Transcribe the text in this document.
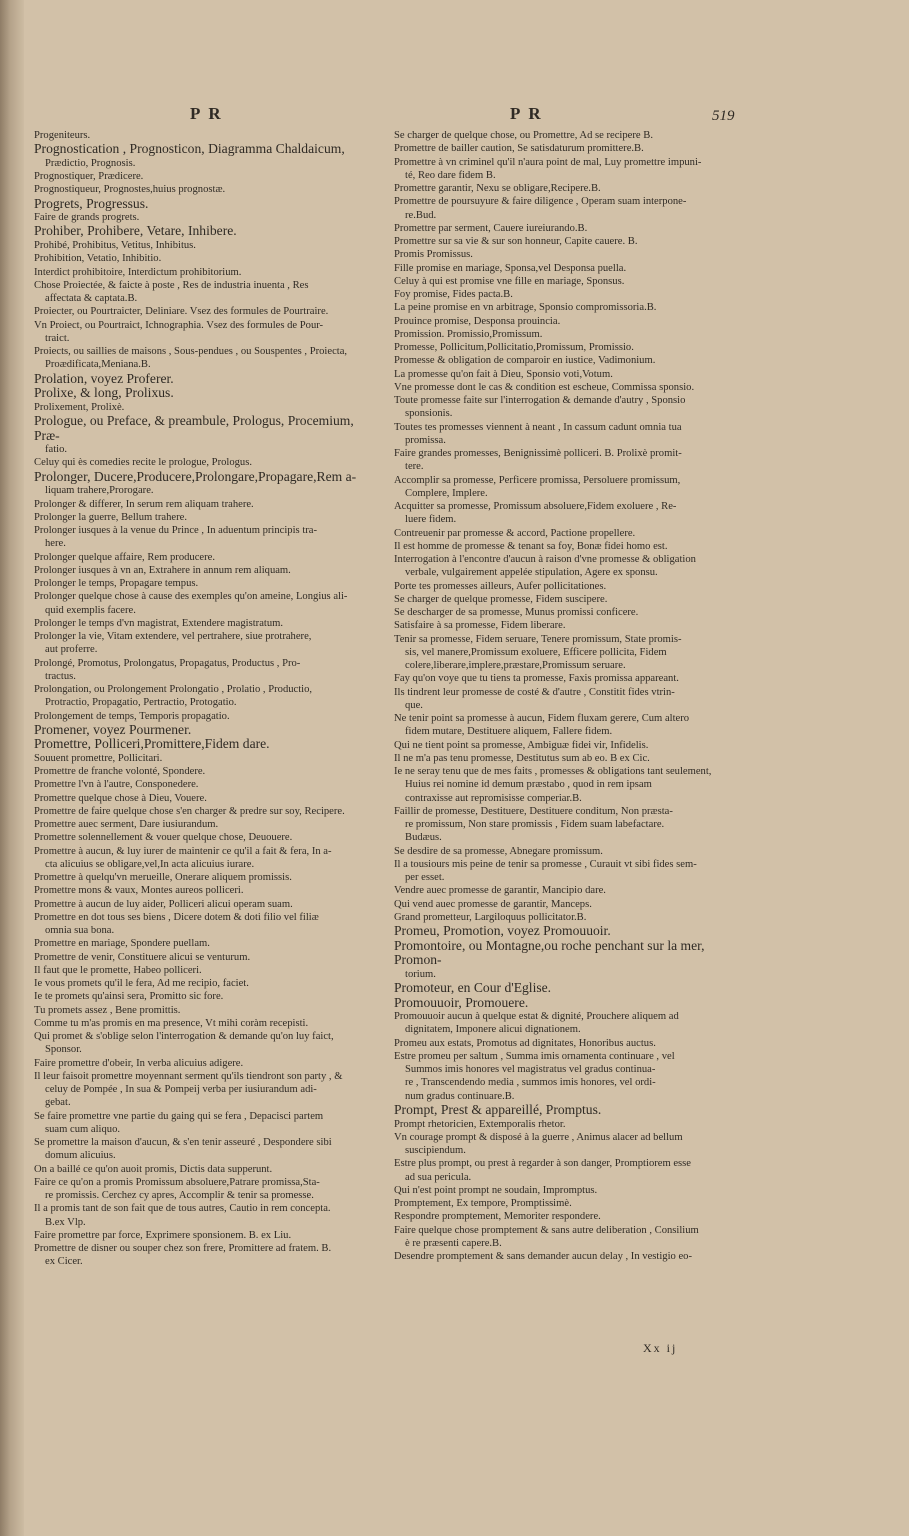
PR	PR	519

Progeniteurs.

Prognostication , Prognosticon, Diagramma Chaldaicum,

Prædictio, Prognosis.

Prognostiquer, Prædicere.

Prognostiqueur, Prognostes,huius prognostæ.

Progrets, Progressus.

Faire de grands progrets.

Prohiber, Prohibere, Vetare, Inhibere.

Prohibé, Prohibitus, Vetitus, Inhibitus.

Prohibition, Vetatio, Inhibitio.

Interdict prohibitoire, Interdictum prohibitorium.

Chose Proiectée, & faicte à poste , Res de industria inuenta , Res

affectata & captata.B.

Proiecter, ou Pourtraicter, Deliniare. Vsez des formules de Pourtraire.

Vn Proiect, ou Pourtraict, Ichnographia. Vsez des formules de Pour-

traict.

Proiects, ou saillies de maisons , Sous-pendues , ou Souspentes , Proiecta,

Proædificata,Meniana.B.

Prolation, voyez Proferer.

Prolixe, & long, Prolixus.

Prolixement, Prolixè.

Prologue, ou Preface, & preambule, Prologus, Procemium, Præ-

fatio.

Celuy qui ès comedies recite le prologue, Prologus.

Prolonger, Ducere,Producere,Prolongare,Propagare,Rem a-

liquam trahere,Prorogare.

Prolonger & differer, In serum rem aliquam trahere.

Prolonger la guerre, Bellum trahere.

Prolonger iusques à la venue du Prince , In aduentum principis tra-

here.

Prolonger quelque affaire, Rem producere.

Prolonger iusques à vn an, Extrahere in annum rem aliquam.

Prolonger le temps, Propagare tempus.

Prolonger quelque chose à cause des exemples qu'on ameine, Longius ali-

quid exemplis facere.

Prolonger le temps d'vn magistrat, Extendere magistratum.

Prolonger la vie, Vitam extendere, vel pertrahere, siue protrahere,

aut proferre.

Prolongé, Promotus, Prolongatus, Propagatus, Productus , Pro-

tractus.

Prolongation, ou Prolongement Prolongatio , Prolatio , Productio,

Protractio, Propagatio, Pertractio, Protogatio.

Prolongement de temps, Temporis propagatio.

Promener, voyez Pourmener.

Promettre, Polliceri,Promittere,Fidem dare.

Souuent promettre, Pollicitari.

Promettre de franche volonté, Spondere.

Promettre l'vn à l'autre, Consponedere.

Promettre quelque chose à Dieu, Vouere.

Promettre de faire quelque chose s'en charger & predre sur soy, Recipere.

Promettre auec serment, Dare iusiurandum.

Promettre solennellement & vouer quelque chose, Deuouere.

Promettre à aucun, & luy iurer de maintenir ce qu'il a fait & fera, In a-

cta alicuius se obligare,vel,In acta alicuius iurare.

Promettre à quelqu'vn merueille, Onerare aliquem promissis.

Promettre mons & vaux, Montes aureos polliceri.

Promettre à aucun de luy aider, Polliceri alicui operam suam.

Promettre en dot tous ses biens , Dicere dotem & doti filio vel filiæ

omnia sua bona.

Promettre en mariage, Spondere puellam.

Promettre de venir, Constituere alicui se venturum.

Il faut que le promette, Habeo polliceri.

Ie vous promets qu'il le fera, Ad me recipio, faciet.

Ie te promets qu'ainsi sera, Promitto sic fore.

Tu promets assez , Bene promittis.

Comme tu m'as promis en ma presence, Vt mihi coràm recepisti.

Qui promet & s'oblige selon l'interrogation & demande qu'on luy faict,

Sponsor.

Faire promettre d'obeir, In verba alicuius adigere.

Il leur faisoit promettre moyennant serment qu'ils tiendront son party , &

celuy de Pompée , In sua & Pompeij verba per iusiurandum adi-

gebat.

Se faire promettre vne partie du gaing qui se fera , Depacisci partem

suam cum aliquo.

Se promettre la maison d'aucun, & s'en tenir asseuré , Despondere sibi

domum alicuius.

On a baillé ce qu'on auoit promis, Dictis data supperunt.

Faire ce qu'on a promis Promissum absoluere,Patrare promissa,Sta-

re promissis. Cerchez cy apres, Accomplir & tenir sa promesse.

Il a promis tant de son fait que de tous autres, Cautio in rem concepta.

B.ex Vlp.

Faire promettre par force, Exprimere sponsionem. B. ex Liu.

Promettre de disner ou souper chez son frere, Promittere ad fratem. B.

ex Cicer.

Se charger de quelque chose, ou Promettre, Ad se recipere B.

Promettre de bailler caution, Se satisdaturum promittere.B.

Promettre à vn criminel qu'il n'aura point de mal, Luy promettre impuni-

té, Reo dare fidem B.

Promettre garantir, Nexu se obligare,Recipere.B.

Promettre de poursuyure & faire diligence , Operam suam interpone-

re.Bud.

Promettre par serment, Cauere iureiurando.B.

Promettre sur sa vie & sur son honneur, Capite cauere. B.

Promis Promissus.

Fille promise en mariage, Sponsa,vel Desponsa puella.

Celuy à qui est promise vne fille en mariage, Sponsus.

Foy promise, Fides pacta.B.

La peine promise en vn arbitrage, Sponsio compromissoria.B.

Prouince promise, Desponsa prouincia.

Promission. Promissio,Promissum.

Promesse, Pollicitum,Pollicitatio,Promissum, Promissio.

Promesse & obligation de comparoir en iustice, Vadimonium.

La promesse qu'on fait à Dieu, Sponsio voti,Votum.

Vne promesse dont le cas & condition est escheue, Commissa sponsio.

Toute promesse faite sur l'interrogation & demande d'autry , Sponsio

sponsionis.

Toutes tes promesses viennent à neant , In cassum cadunt omnia tua

promissa.

Faire grandes promesses, Benignissimè polliceri. B. Prolixè promit-

tere.

Accomplir sa promesse, Perficere promissa, Persoluere promissum,

Complere, Implere.

Acquitter sa promesse, Promissum absoluere,Fidem exoluere , Re-

luere fidem.

Contreuenir par promesse & accord, Pactione propellere.

Il est homme de promesse & tenant sa foy, Bonæ fidei homo est.

Interrogation à l'encontre d'aucun à raison d'vne promesse & obligation

verbale, vulgairement appelée stipulation, Agere ex sponsu.

Porte tes promesses ailleurs, Aufer pollicitationes.

Se charger de quelque promesse, Fidem suscipere.

Se descharger de sa promesse, Munus promissi conficere.

Satisfaire à sa promesse, Fidem liberare.

Tenir sa promesse, Fidem seruare, Tenere promissum, State promis-

sis, vel manere,Promissum exoluere, Efficere pollicita, Fidem

colere,liberare,implere,præstare,Promissum seruare.

Fay qu'on voye que tu tiens ta promesse, Faxis promissa appareant.

Ils tindrent leur promesse de costé & d'autre , Constitit fides vtrin-

que.

Ne tenir point sa promesse à aucun, Fidem fluxam gerere, Cum altero

fidem mutare, Destituere aliquem, Fallere fidem.

Qui ne tient point sa promesse, Ambiguæ fidei vir, Infidelis.

Il ne m'a pas tenu promesse, Destitutus sum ab eo. B ex Cic.

Ie ne seray tenu que de mes faits , promesses & obligations tant seulement,

Huius rei nomine id demum præstabo , quod in rem ipsam

contraxisse aut repromisisse comperiar.B.

Faillir de promesse, Destituere, Destituere conditum, Non præsta-

re promissum, Non stare promissis , Fidem suam labefactare.

Budæus.

Se desdire de sa promesse, Abnegare promissum.

Il a tousiours mis peine de tenir sa promesse , Curauit vt sibi fides sem-

per esset.

Vendre auec promesse de garantir, Mancipio dare.

Qui vend auec promesse de garantir, Manceps.

Grand prometteur, Largiloquus pollicitator.B.

Promeu, Promotion, voyez Promouuoir.

Promontoire, ou Montagne,ou roche penchant sur la mer, Promon-

torium.

Promoteur, en Cour d'Eglise.

Promouuoir, Promouere.

Promouuoir aucun à quelque estat & dignité, Prouchere aliquem ad

dignitatem, Imponere alicui dignationem.

Promeu aux estats, Promotus ad dignitates, Honoribus auctus.

Estre promeu per saltum , Summa imis ornamenta continuare , vel

Summos imis honores vel magistratus vel gradus continua-

re , Transcendendo media , summos imis honores, vel ordi-

num gradus continuare.B.

Prompt, Prest & appareillé, Promptus.

Prompt rhetoricien, Extemporalis rhetor.

Vn courage prompt & disposé à la guerre , Animus alacer ad bellum

suscipiendum.

Estre plus prompt, ou prest à regarder à son danger, Promptiorem esse

ad sua pericula.

Qui n'est point prompt ne soudain, Impromptus.

Promptement, Ex tempore, Promptissimè.

Respondre promptement, Memoriter respondere.

Faire quelque chose promptement & sans autre deliberation , Consilium

è re præsenti capere.B.

Desendre promptement & sans demander aucun delay , In vestigio eo-

Xx ij
